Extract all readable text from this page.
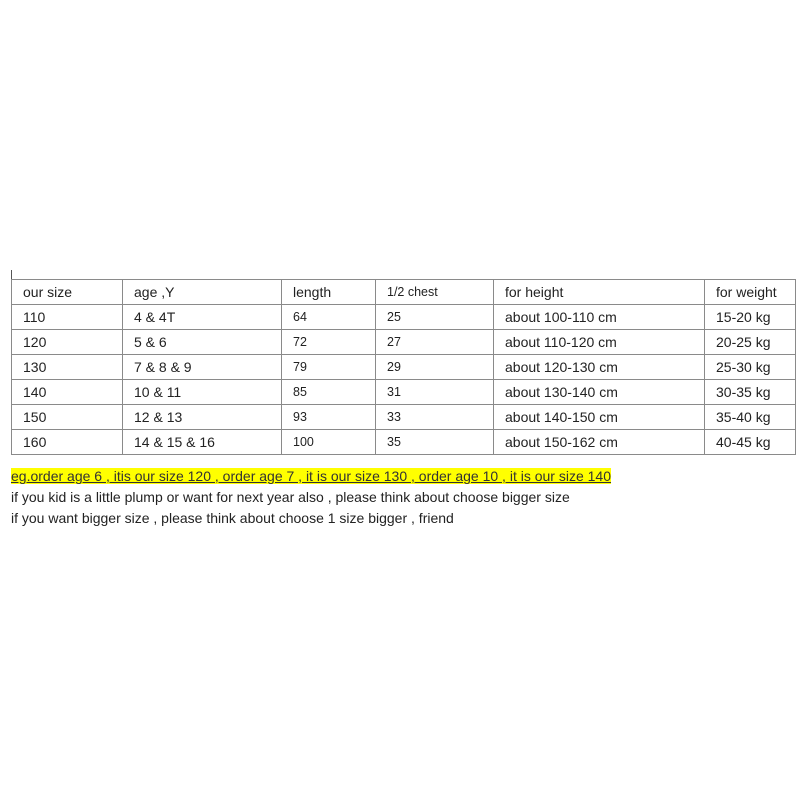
our size	age ,Y	length	1/2 chest	for height	for weight
110	4 & 4T	64	25	about 100-110 cm	15-20 kg
120	5 & 6	72	27	about 110-120 cm	20-25 kg
130	7 & 8 & 9	79	29	about 120-130 cm	25-30 kg
140	10 & 11	85	31	about 130-140 cm	30-35 kg
150	12 & 13	93	33	about 140-150 cm	35-40 kg
160	14 & 15 & 16	100	35	about 150-162 cm	40-45 kg
eg.order age 6 , itis our size 120 , order age 7 , it is our size 130 , order age 10 , it is our size 140
if you kid is a little plump or want for next year also , please think about choose bigger size
if you want bigger size , please think about choose 1 size bigger , friend
